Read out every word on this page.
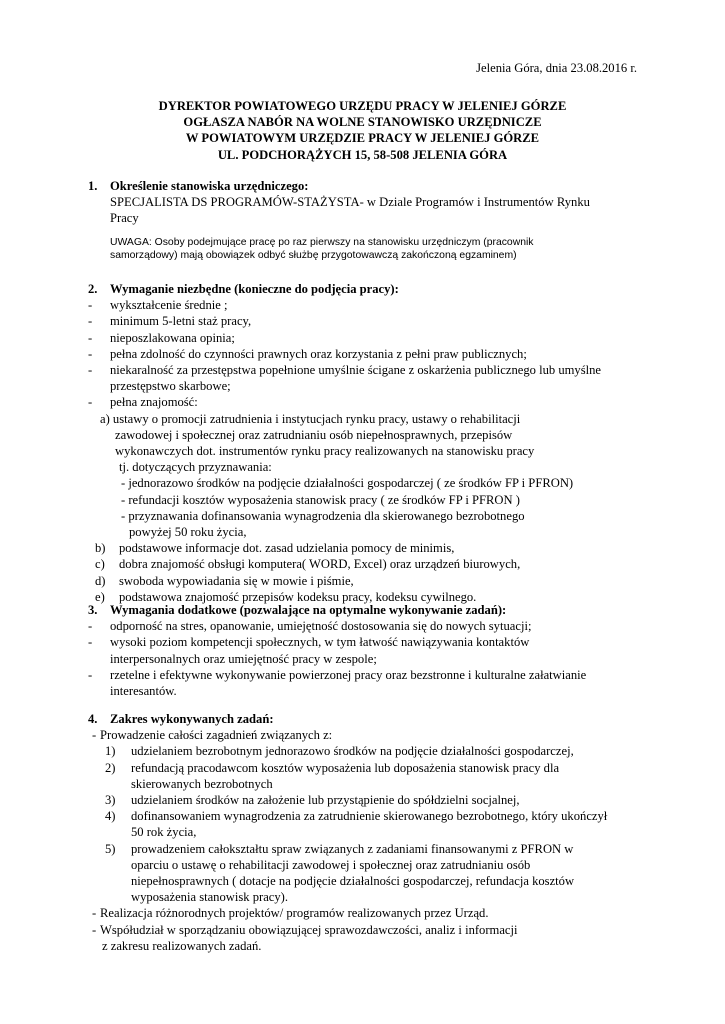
Jelenia Góra, dnia 23.08.2016 r.
DYREKTOR POWIATOWEGO URZĘDU PRACY W JELENIEJ GÓRZE
OGŁASZA NABÓR NA WOLNE STANOWISKO URZĘDNICZE
W POWIATOWYM URZĘDZIE PRACY W JELENIEJ GÓRZE
UL. PODCHORĄŻYCH 15, 58-508 JELENIA GÓRA
1. Określenie stanowiska urzędniczego:
SPECJALISTA DS PROGRAMÓW-STAŻYSTA- w Dziale Programów i Instrumentów Rynku
Pracy
UWAGA: Osoby podejmujące pracę po raz pierwszy na stanowisku urzędniczym (pracownik
samorządowy) mają obowiązek odbyć służbę przygotowawczą zakończoną egzaminem)
2. Wymaganie niezbędne (konieczne do podjęcia pracy):
-	wykształcenie średnie ;
-	minimum 5-letni staż pracy,
-	nieposzlakowana opinia;
-	pełna zdolność do czynności prawnych oraz korzystania z pełni praw publicznych;
-	niekaralność za przestępstwa popełnione umyślnie ścigane z oskarżenia publicznego lub umyślne
przestępstwo skarbowe;
-	pełna znajomość:
a) ustawy o promocji zatrudnienia i instytucjach rynku pracy, ustawy o rehabilitacji
zawodowej i społecznej oraz zatrudnianiu osób niepełnosprawnych, przepisów
wykonawczych dot. instrumentów rynku pracy realizowanych na stanowisku pracy
tj. dotyczących przyznawania:
- jednorazowo środków na podjęcie działalności gospodarczej ( ze środków FP i PFRON)
- refundacji kosztów wyposażenia stanowisk pracy ( ze środków FP i PFRON )
- przyznawania dofinansowania wynagrodzenia dla skierowanego bezrobotnego
powyżej 50 roku życia,
b)	podstawowe informacje dot. zasad udzielania pomocy de minimis,
c)	dobra znajomość obsługi komputera( WORD, Excel) oraz urządzeń biurowych,
d)	swoboda wypowiadania się w mowie i piśmie,
e)	podstawowa znajomość przepisów kodeksu pracy, kodeksu cywilnego.
3. Wymagania dodatkowe (pozwalające na optymalne wykonywanie zadań):
-	odporność na stres, opanowanie, umiejętność dostosowania się do nowych sytuacji;
-	wysoki poziom kompetencji społecznych, w tym łatwość nawiązywania kontaktów
interpersonalnych oraz umiejętność pracy w zespole;
-	rzetelne i efektywne wykonywanie powierzonej pracy oraz bezstronne i kulturalne załatwianie
interesantów.
4. Zakres wykonywanych zadań:
- Prowadzenie całości zagadnień związanych z:
1)	udzielaniem bezrobotnym jednorazowo środków na podjęcie działalności gospodarczej,
2)	refundacją pracodawcom kosztów wyposażenia lub doposażenia stanowisk pracy dla
skierowanych bezrobotnych
3)	udzielaniem środków na założenie lub przystąpienie do spółdzielni socjalnej,
4)	dofinansowaniem wynagrodzenia za zatrudnienie skierowanego bezrobotnego, który ukończył
50 rok życia,
5)	prowadzeniem całokształtu spraw związanych z zadaniami finansowanymi z PFRON w
oparciu o ustawę o rehabilitacji zawodowej i społecznej oraz zatrudnianiu osób
niepełnosprawnych ( dotacje na podjęcie działalności gospodarczej, refundacja kosztów
wyposażenia stanowisk pracy).
- Realizacja różnorodnych projektów/ programów realizowanych przez Urząd.
- Współudział w sporządzaniu obowiązującej sprawozdawczości, analiz i informacji
z zakresu realizowanych zadań.
